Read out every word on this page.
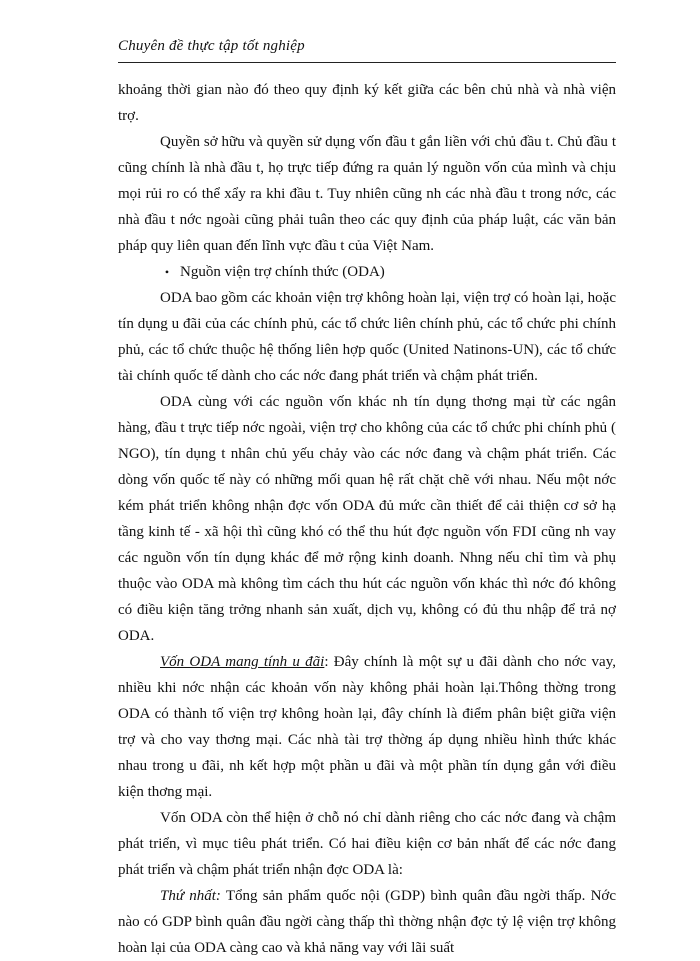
Chuyên đề thực tập tốt nghiệp

khoảng thời gian nào đó theo quy định ký kết giữa các bên chủ nhà và nhà viện trợ.

Quyền sở hữu và quyền sử dụng vốn đầu t gắn liền với chủ đầu t. Chủ đầu t cũng chính là nhà đầu t, họ trực tiếp đứng ra quản lý nguồn vốn của mình và chịu mọi rủi ro có thể xẩy ra khi đầu t. Tuy nhiên cũng nh các nhà đầu t trong nớc, các nhà đầu t nớc ngoài cũng phải tuân theo các quy định của pháp luật, các văn bản pháp quy liên quan đến lĩnh vực đầu t của Việt Nam.

• Nguồn viện trợ chính thức (ODA)

ODA bao gồm các khoản viện trợ không hoàn lại, viện trợ có hoàn lại, hoặc tín dụng u đãi của các chính phủ, các tổ chức liên chính phủ, các tổ chức phi chính phủ, các tổ chức thuộc hệ thống liên hợp quốc (United Natinons-UN), các tổ chức tài chính quốc tế dành cho các nớc đang phát triển và chậm phát triển.

ODA cùng với các nguồn vốn khác nh tín dụng thơng mại từ các ngân hàng, đầu t trực tiếp nớc ngoài, viện trợ cho không của các tổ chức phi chính phủ ( NGO), tín dụng t nhân chủ yếu chảy vào các nớc đang và chậm phát triển. Các dòng vốn quốc tế này có những mối quan hệ rất chặt chẽ với nhau. Nếu một nớc kém phát triển không nhận đợc vốn ODA đủ mức cần thiết để cải thiện cơ sở hạ tầng kinh tế - xã hội thì cũng khó có thể thu hút đợc nguồn vốn FDI cũng nh vay các nguồn vốn tín dụng khác để mở rộng kinh doanh. Nhng nếu chỉ tìm và phụ thuộc vào ODA mà không tìm cách thu hút các nguồn vốn khác thì nớc đó không có điều kiện tăng trởng nhanh sản xuất, dịch vụ, không có đủ thu nhập để trả nợ ODA.

Vốn ODA mang tính u đãi: Đây chính là một sự u đãi dành cho nớc vay, nhiều khi nớc nhận các khoản vốn này không phải hoàn lại.Thông thờng trong ODA có thành tố viện trợ không hoàn lại, đây chính là điểm phân biệt giữa viện trợ và cho vay thơng mại. Các nhà tài trợ thờng áp dụng nhiều hình thức khác nhau trong u đãi, nh kết hợp một phần u đãi và một phần tín dụng gắn với điều kiện thơng mại.

Vốn ODA còn thể hiện ở chỗ nó chỉ dành riêng cho các nớc đang và chậm phát triển, vì mục tiêu phát triển. Có hai điều kiện cơ bản nhất để các nớc đang phát triển và chậm phát triển nhận đợc ODA là:

Thứ nhất: Tổng sản phẩm quốc nội (GDP) bình quân đầu ngời thấp. Nớc nào có GDP bình quân đầu ngời càng thấp thì thờng nhận đợc tỷ lệ viện trợ không hoàn lại của ODA càng cao và khả năng vay với lãi suất
